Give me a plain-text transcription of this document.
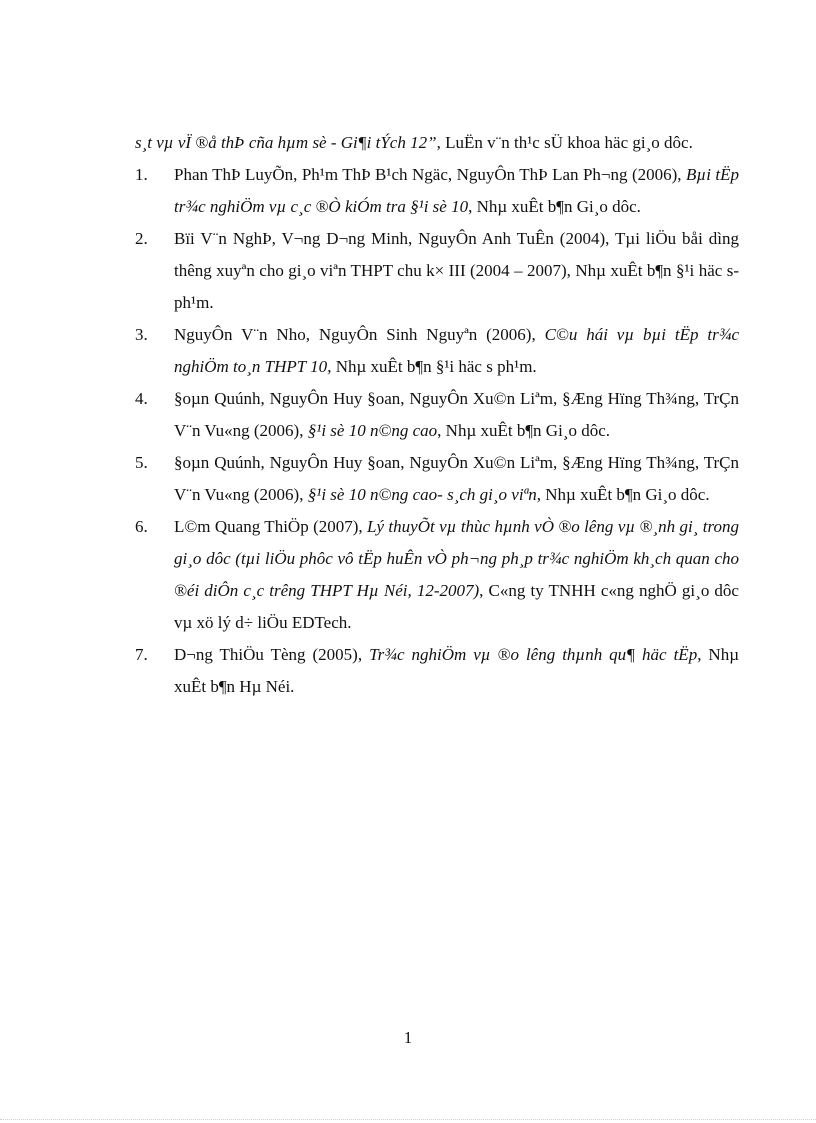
s¸t vµ vÏ ®å thÞ cña hµm sè - Gi¶i tÝch 12”, LuËn v¨n th¹c sÜ khoa häc gi¸o dôc.

1. Phan ThÞ LuyÕn, Ph¹m ThÞ B¹ch Ngäc, NguyÔn ThÞ Lan Ph¬ng (2006), Bµi tËp tr¾c nghiÖm vµ c¸c ®Ò kiÓm tra §¹i sè 10, Nhµ xuÊt b¶n Gi¸o dôc.
2. Bïi V¨n NghÞ, V¬ng D¬ng Minh, NguyÔn Anh TuÊn (2004), Tµi liÖu båi dìng thêng xuyªn cho gi¸o viªn THPT chu k× III (2004 – 2007), Nhµ xuÊt b¶n §¹i häc s ph¹m.
3. NguyÔn V¨n Nho, NguyÔn Sinh Nguyªn (2006), C©u hái vµ bµi tËp tr¾c nghiÖm to¸n THPT 10, Nhµ xuÊt b¶n §¹i häc s ph¹m.
4. §oµn Quúnh, NguyÔn Huy §oan, NguyÔn Xu©n Liªm, §Æng Hïng Th¾ng, TrÇn V¨n Vu«ng (2006), §¹i sè 10 n©ng cao, Nhµ xuÊt b¶n Gi¸o dôc.
5. §oµn Quúnh, NguyÔn Huy §oan, NguyÔn Xu©n Liªm, §Æng Hïng Th¾ng, TrÇn V¨n Vu«ng (2006), §¹i sè 10 n©ng cao- s¸ch gi¸o viªn, Nhµ xuÊt b¶n Gi¸o dôc.
6. L©m Quang ThiÖp (2007), Lý thuyÕt vµ thùc hµnh vÒ ®o lêng vµ ®¸nh gi¸ trong gi¸o dôc (tµi liÖu phôc vô tËp huÊn vÒ ph¬ng ph¸p tr¾c nghiÖm kh¸ch quan cho ®éi diÔn c¸c trêng THPT Hµ Néi, 12-2007), C«ng ty TNHH c«ng nghÖ gi¸o dôc vµ xö lý d÷ liÖu EDTech.
7. D¬ng ThiÖu Tèng (2005), Tr¾c nghiÖm vµ ®o lêng thµnh qu¶ häc tËp, Nhµ xuÊt b¶n Hµ Néi.
1
